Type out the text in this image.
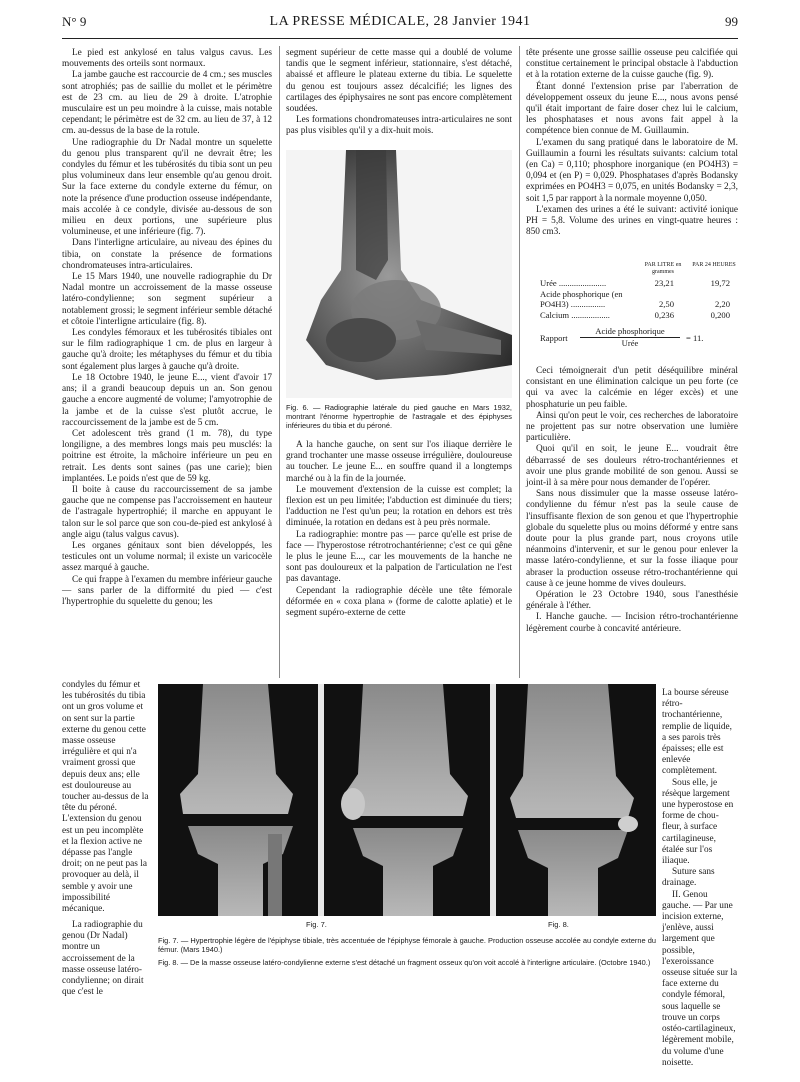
N° 9	LA PRESSE MÉDICALE, 28 Janvier 1941	99

Le pied est ankylosé en talus valgus cavus. Les mouvements des orteils sont normaux.

La jambe gauche est raccourcie de 4 cm.; ses muscles sont atrophiés; pas de saillie du mollet et le périmètre est de 23 cm. au lieu de 29 à droite. L'atrophie musculaire est un peu moindre à la cuisse, mais notable cependant; le périmètre est de 32 cm. au lieu de 37, à 12 cm. au-dessus de la base de la rotule.

Une radiographie du Dr Nadal montre un squelette du genou plus transparent qu'il ne devrait être; les condyles du fémur et les tubérosités du tibia sont un peu plus volumineux dans leur ensemble qu'au genou droit. Sur la face externe du condyle externe du fémur, on note la présence d'une production osseuse indépendante, mais accolée à ce condyle, divisée au-dessous de son milieu en deux portions, une supérieure plus volumineuse, et une inférieure (fig. 7).

Dans l'interligne articulaire, au niveau des épines du tibia, on constate la présence de formations chondromateuses intra-articulaires.

Le 15 Mars 1940, une nouvelle radiographie du Dr Nadal montre un accroissement de la masse osseuse latéro-condylienne; son segment supérieur a notablement grossi; le segment inférieur semble détaché et côtoie l'interligne articulaire (fig. 8).

Les condyles fémoraux et les tubérosités tibiales ont sur le film radiographique 1 cm. de plus en largeur à gauche qu'à droite; les métaphyses du fémur et du tibia sont également plus larges à gauche qu'à droite.

Le 18 Octobre 1940, le jeune E..., vient d'avoir 17 ans; il a grandi beaucoup depuis un an. Son genou gauche a encore augmenté de volume; l'amyotrophie de la jambe et de la cuisse s'est plutôt accrue, le raccourcissement de la jambe est de 5 cm.

Cet adolescent très grand (1 m. 78), du type longiligne, a des membres longs mais peu musclés: la poitrine est étroite, la mâchoire inférieure un peu en retrait. Les dents sont saines (pas une carie); bien implantées. Le poids n'est que de 59 kg.

Il boite à cause du raccourcissement de sa jambe gauche que ne compense pas l'accroissement en hauteur de l'astragale hypertrophié; il marche en appuyant le talon sur le sol parce que son cou-de-pied est ankylosé à angle aigu (talus valgus cavus).

Les organes génitaux sont bien développés, les testicules ont un volume normal; il existe un varicocèle assez marqué à gauche.

Ce qui frappe à l'examen du membre inférieur gauche — sans parler de la difformité du pied — c'est l'hypertrophie du squelette du genou; les

condyles du fémur et les tubérosités du tibia ont un gros volume et on sent sur la partie externe du genou cette masse osseuse irrégulière et qui n'a vraiment grossi que depuis deux ans; elle est douloureuse au toucher au-dessus de la tête du péroné. L'extension du genou est un peu incomplète et la flexion active ne dépasse pas l'angle droit; on ne peut pas la provoquer au delà, il semble y avoir une impossibilité mécanique.

La radiographie du genou (Dr Nadal) montre un accroissement de la masse osseuse latéro-condylienne; on dirait que c'est le

segment supérieur de cette masse qui a doublé de volume tandis que le segment inférieur, stationnaire, s'est détaché, abaissé et affleure le plateau externe du tibia. Le squelette du genou est toujours assez décalcifié; les lignes des cartilages des épiphysaires ne sont pas encore complètement soudées.

Les formations chondromateuses intra-articulaires ne sont pas plus visibles qu'il y a dix-huit mois.

Fig. 6. — Radiographie latérale du pied gauche en Mars 1932, montrant l'énorme hypertrophie de l'astragale et des épiphyses inférieures du tibia et du péroné.

A la hanche gauche, on sent sur l'os iliaque derrière le grand trochanter une masse osseuse irrégulière, douloureuse au toucher. Le jeune E... en souffre quand il a longtemps marché ou à la fin de la journée.

Le mouvement d'extension de la cuisse est complet; la flexion est un peu limitée; l'abduction est diminuée du tiers; l'adduction ne l'est qu'un peu; la rotation en dehors est très diminuée, la rotation en dedans est à peu près normale.

La radiographie: montre pas — parce qu'elle est prise de face — l'hyperostose rétrotrochantérienne; c'est ce qui gêne le plus le jeune E..., car les mouvements de la hanche ne sont pas douloureux et la palpation de l'articulation ne l'est pas davantage.

Cependant la radiographie décèle une tête fémorale déformée en « coxa plana » (forme de calotte aplatie) et le segment supéro-externe de cette

tête présente une grosse saillie osseuse peu calcifiée qui constitue certainement le principal obstacle à l'abduction et à la rotation externe de la cuisse gauche (fig. 9).

Étant donné l'extension prise par l'aberration de développement osseux du jeune E..., nous avons pensé qu'il était important de faire doser chez lui le calcium, les phosphatases et nous avons fait appel à la compétence bien connue de M. Guillaumin.

L'examen du sang pratiqué dans le laboratoire de M. Guillaumin a fourni les résultats suivants: calcium total (en Ca) = 0,110; phosphore inorganique (en PO4H3) = 0,094 et (en P) = 0,029. Phosphatases d'après Bodansky exprimées en PO4H3 = 0,075, en unités Bodansky = 2,3, soit 1,5 par rapport à la normale moyenne 0,050.

L'examen des urines a été le suivant: activité ionique PH = 5,8. Volume des urines en vingt-quatre heures : 850 cm3.

PAR LITRE en grammes
PAR 24 HEURES
Urée ......................	23,21	19,72
Acide phosphorique (en
PO4H3) ................	2,50	2,20
Calcium ..................	0,236	0,200
Rapport
Acide phosphorique
Urée	= 11.

Ceci témoignerait d'un petit déséquilibre minéral consistant en une élimination calcique un peu forte (ce qui va avec la calcémie en léger excès) et une phosphaturie un peu faible.

Ainsi qu'on peut le voir, ces recherches de laboratoire ne projettent pas sur notre observation une lumière particulière.

Quoi qu'il en soit, le jeune E... voudrait être débarrassé de ses douleurs rétro-trochantériennes et avoir une plus grande mobilité de son genou. Aussi se joint-il à sa mère pour nous demander de l'opérer.

Sans nous dissimuler que la masse osseuse latéro-condylienne du fémur n'est pas la seule cause de l'insuffisante flexion de son genou et que l'hypertrophie globale du squelette plus ou moins déformé y entre sans doute pour la plus grande part, nous croyons utile néanmoins d'intervenir, et sur le genou pour enlever la masse latéro-condylienne, et sur la fosse iliaque pour abraser la production osseuse rétro-trochantérienne qui cause à ce jeune homme de vives douleurs.

Opération le 23 Octobre 1940, sous l'anesthésie générale à l'éther.

I. Hanche gauche. — Incision rétro-trochantérienne légèrement courbe à concavité antérieure.

La bourse séreuse rétro-trochantérienne, remplie de liquide, a ses parois très épaisses; elle est enlevée complètement.

Sous elle, je résèque largement une hyperostose en forme de chou-fleur, à surface cartilagineuse, étalée sur l'os iliaque.

Suture sans drainage.

II. Genou gauche. — Par une incision externe, j'enlève, aussi largement que possible, l'exeroissance osseuse située sur la face externe du condyle fémoral, sous laquelle se trouve un corps ostéo-cartilagineux, légèrement mobile, du volume d'une noisette.

Fig. 7.	Fig. 8.
Fig. 7. — Hypertrophie légère de l'épiphyse tibiale, très accentuée de l'épiphyse fémorale à gauche. Production osseuse accolée au condyle externe du fémur. (Mars 1940.)
Fig. 8. — De la masse osseuse latéro-condylienne externe s'est détaché un fragment osseux qu'on voit accolé à l'interligne articulaire. (Octobre 1940.)
